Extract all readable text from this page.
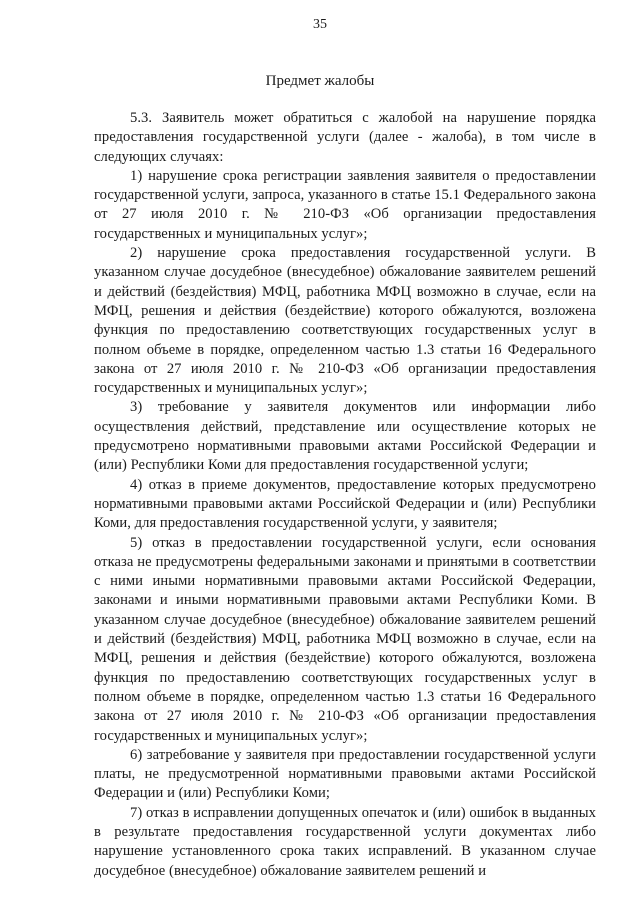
35
Предмет жалобы

5.3. Заявитель может обратиться с жалобой на нарушение порядка предоставления государственной услуги (далее - жалоба), в том числе в следующих случаях:

1) нарушение срока регистрации заявления заявителя о предоставлении государственной услуги, запроса, указанного в статье 15.1 Федерального закона от 27 июля 2010 г. № 210-ФЗ «Об организации предоставления государственных и муниципальных услуг»;

2) нарушение срока предоставления государственной услуги. В указанном случае досудебное (внесудебное) обжалование заявителем решений и действий (бездействия) МФЦ, работника МФЦ возможно в случае, если на МФЦ, решения и действия (бездействие) которого обжалуются, возложена функция по предоставлению соответствующих государственных услуг в полном объеме в порядке, определенном частью 1.3 статьи 16 Федерального закона от 27 июля 2010 г. № 210-ФЗ «Об организации предоставления государственных и муниципальных услуг»;

3) требование у заявителя документов или информации либо осуществления действий, представление или осуществление которых не предусмотрено нормативными правовыми актами Российской Федерации и (или) Республики Коми для предоставления государственной услуги;

4) отказ в приеме документов, предоставление которых предусмотрено нормативными правовыми актами Российской Федерации и (или) Республики Коми, для предоставления государственной услуги, у заявителя;

5) отказ в предоставлении государственной услуги, если основания отказа не предусмотрены федеральными законами и принятыми в соответствии с ними иными нормативными правовыми актами Российской Федерации, законами и иными нормативными правовыми актами Республики Коми. В указанном случае досудебное (внесудебное) обжалование заявителем решений и действий (бездействия) МФЦ, работника МФЦ возможно в случае, если на МФЦ, решения и действия (бездействие) которого обжалуются, возложена функция по предоставлению соответствующих государственных услуг в полном объеме в порядке, определенном частью 1.3 статьи 16 Федерального закона от 27 июля 2010 г. № 210-ФЗ «Об организации предоставления государственных и муниципальных услуг»;

6) затребование у заявителя при предоставлении государственной услуги платы, не предусмотренной нормативными правовыми актами Российской Федерации и (или) Республики Коми;

7) отказ в исправлении допущенных опечаток и (или) ошибок в выданных в результате предоставления государственной услуги документах либо нарушение установленного срока таких исправлений. В указанном случае досудебное (внесудебное) обжалование заявителем решений и
